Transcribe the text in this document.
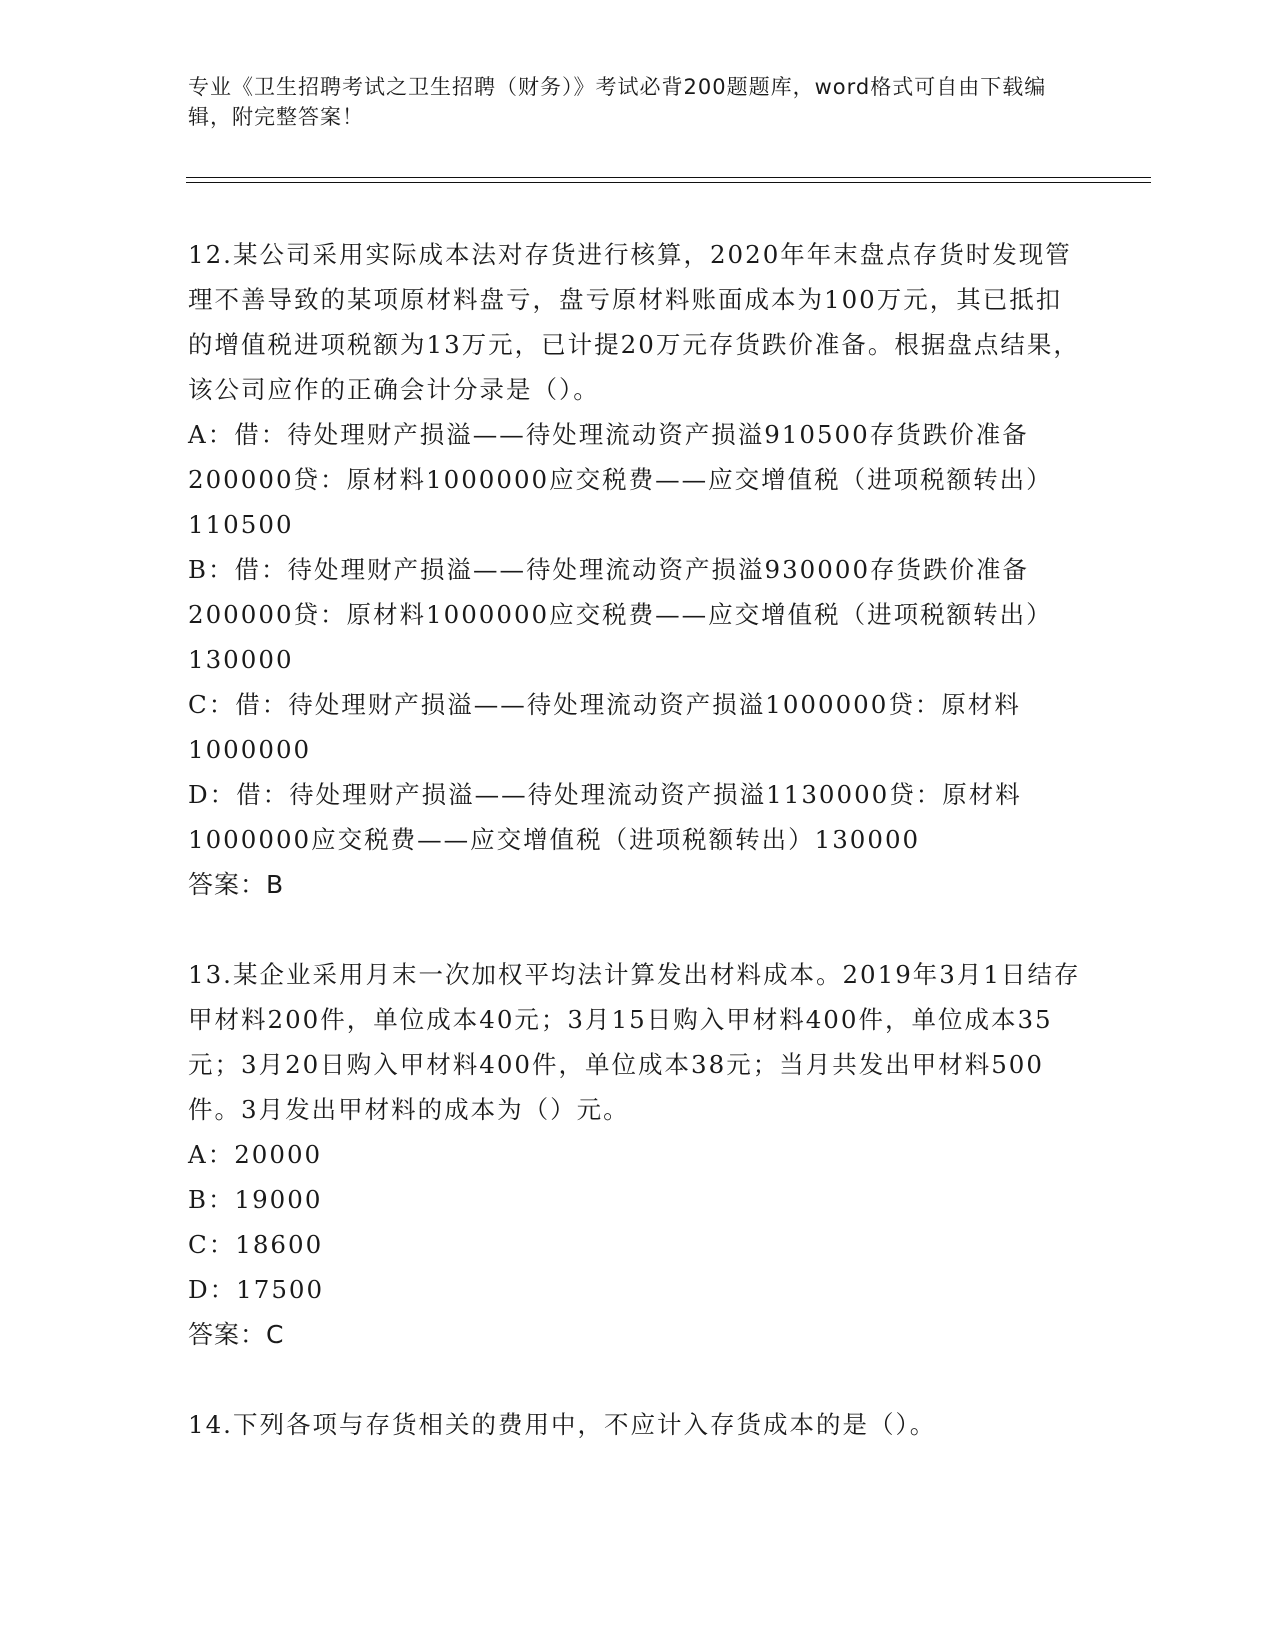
专业《卫生招聘考试之卫生招聘（财务）》考试必背200题题库，word格式可自由下载编辑，附完整答案！
12.某公司采用实际成本法对存货进行核算，2020年年末盘点存货时发现管理不善导致的某项原材料盘亏，盘亏原材料账面成本为100万元，其已抵扣的增值税进项税额为13万元，已计提20万元存货跌价准备。根据盘点结果，该公司应作的正确会计分录是（）。
A：借：待处理财产损溢——待处理流动资产损溢910500存货跌价准备200000贷：原材料1000000应交税费——应交增值税（进项税额转出）110500
B：借：待处理财产损溢——待处理流动资产损溢930000存货跌价准备200000贷：原材料1000000应交税费——应交增值税（进项税额转出）130000
C：借：待处理财产损溢——待处理流动资产损溢1000000贷：原材料1000000
D：借：待处理财产损溢——待处理流动资产损溢1130000贷：原材料1000000应交税费——应交增值税（进项税额转出）130000
答案：B
13.某企业采用月末一次加权平均法计算发出材料成本。2019年3月1日结存甲材料200件，单位成本40元；3月15日购入甲材料400件，单位成本35元；3月20日购入甲材料400件，单位成本38元；当月共发出甲材料500件。3月发出甲材料的成本为（）元。
A：20000
B：19000
C：18600
D：17500
答案：C
14.下列各项与存货相关的费用中，不应计入存货成本的是（）。
